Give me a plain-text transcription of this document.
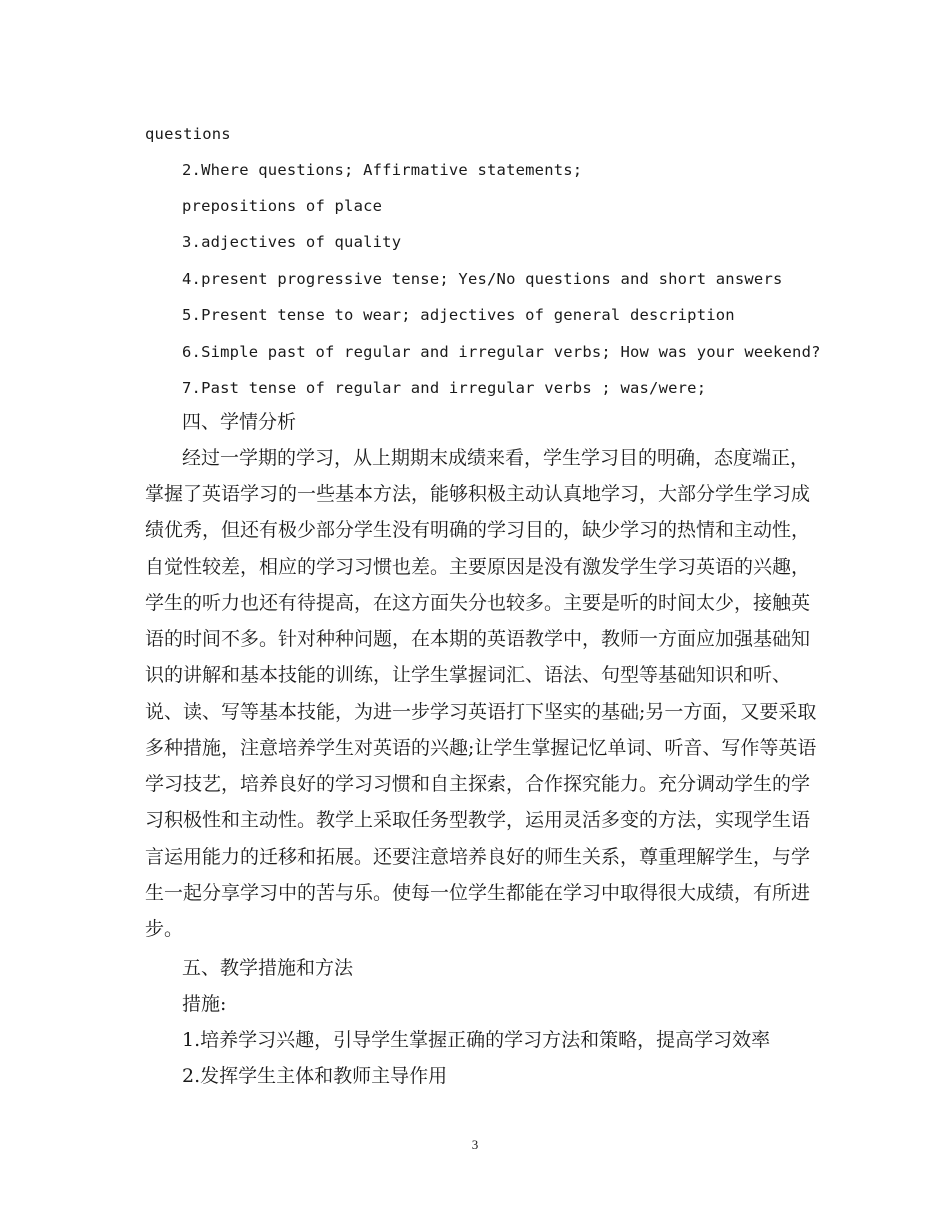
questions
2.Where questions; Affirmative statements;
prepositions of place
3.adjectives of quality
4.present progressive tense; Yes/No questions and short answers
5.Present tense to wear; adjectives of general description
6.Simple past of regular and irregular verbs; How was your weekend?
7.Past tense of regular and irregular verbs ; was/were;
四、学情分析
经过一学期的学习，从上期期末成绩来看，学生学习目的明确，态度端正，
掌握了英语学习的一些基本方法，能够积极主动认真地学习，大部分学生学习成
绩优秀，但还有极少部分学生没有明确的学习目的，缺少学习的热情和主动性，
自觉性较差，相应的学习习惯也差。主要原因是没有激发学生学习英语的兴趣，
学生的听力也还有待提高，在这方面失分也较多。主要是听的时间太少，接触英
语的时间不多。针对种种问题，在本期的英语教学中，教师一方面应加强基础知
识的讲解和基本技能的训练，让学生掌握词汇、语法、句型等基础知识和听、
说、读、写等基本技能，为进一步学习英语打下坚实的基础;另一方面，又要采取
多种措施，注意培养学生对英语的兴趣;让学生掌握记忆单词、听音、写作等英语
学习技艺，培养良好的学习习惯和自主探索，合作探究能力。充分调动学生的学
习积极性和主动性。教学上采取任务型教学，运用灵活多变的方法，实现学生语
言运用能力的迁移和拓展。还要注意培养良好的师生关系，尊重理解学生，与学
生一起分享学习中的苦与乐。使每一位学生都能在学习中取得很大成绩，有所进
步。
五、教学措施和方法
措施:
1.培养学习兴趣，引导学生掌握正确的学习方法和策略，提高学习效率
2.发挥学生主体和教师主导作用
3
